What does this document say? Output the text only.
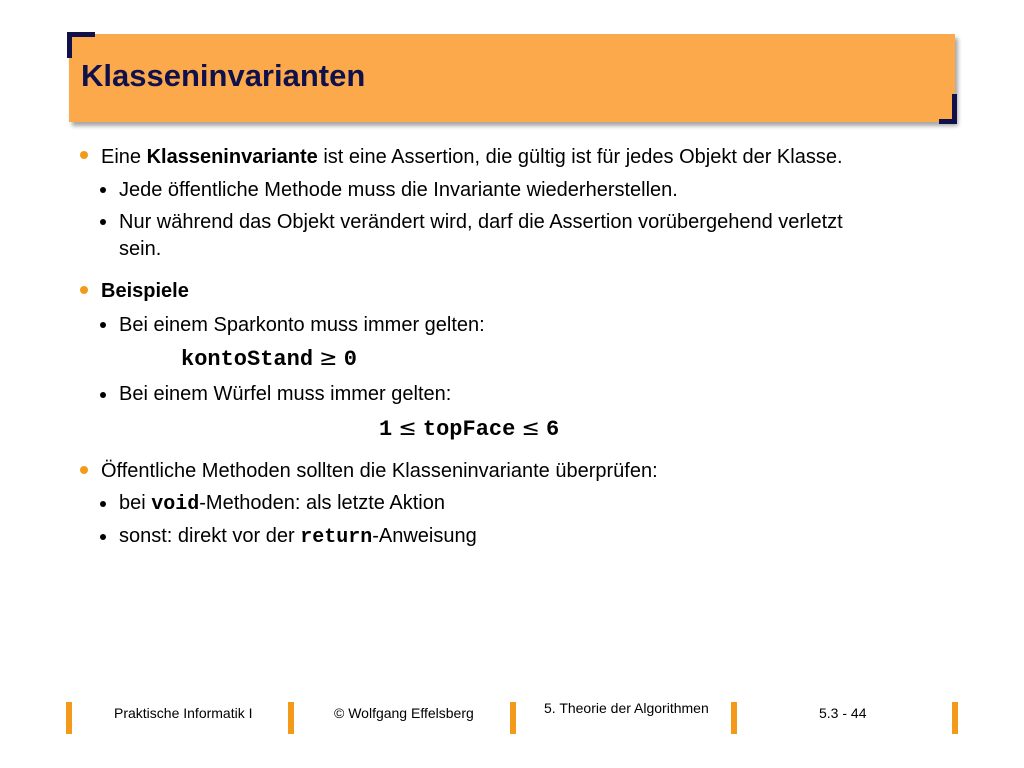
Klasseninvarianten
Eine Klasseninvariante ist eine Assertion, die gültig ist für jedes Objekt der Klasse.
Jede öffentliche Methode muss die Invariante wiederherstellen.
Nur während das Objekt verändert wird, darf die Assertion vorübergehend verletzt
sein.
Beispiele
Bei einem Sparkonto muss immer gelten:
kontoStand ≥ 0
Bei einem Würfel muss immer gelten:
1 ≤ topFace ≤ 6
Öffentliche Methoden sollten die Klasseninvariante überprüfen:
bei void-Methoden: als letzte Aktion
sonst: direkt vor der return-Anweisung
Praktische Informatik I	© Wolfgang Effelsberg	5. Theorie der Algorithmen	5.3 - 44
